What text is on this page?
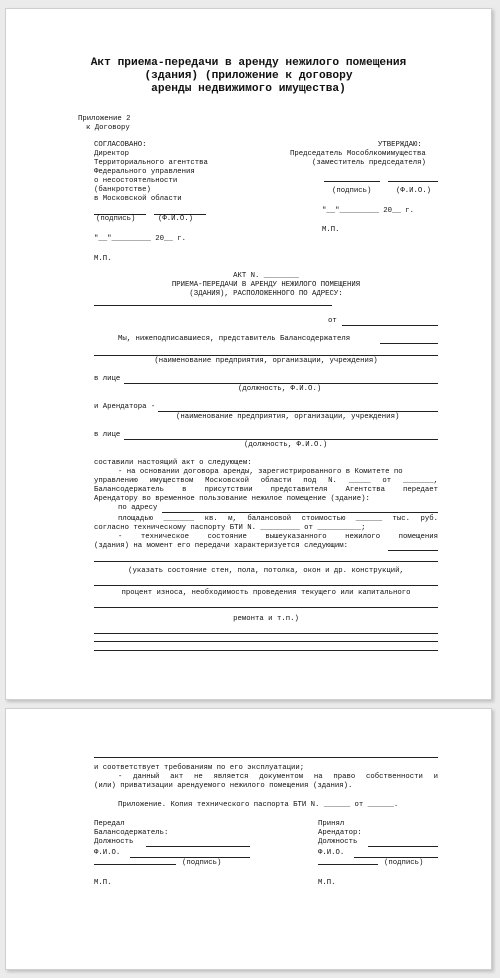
Акт приема-передачи в аренду нежилого помещения
(здания) (приложение к договору
аренды недвижимого имущества)
Приложение 2
к Договору
СОГЛАСОВАНО:
Директор
Территориального агентства
Федерального управления
о несостоятельности
(банкротстве)
в Московской области
(подпись)	(Ф.И.О.)
"__"_________ 20__ г.
М.П.
УТВЕРЖДАЮ:
Председатель Мособлкомимущества
(заместитель председателя)
(подпись)	(Ф.И.О.)
"__"_________ 20__ г.
М.П.
АКТ N. ________
ПРИЕМА-ПЕРЕДАЧИ В АРЕНДУ НЕЖИЛОГО ПОМЕЩЕНИЯ
(ЗДАНИЯ), РАСПОЛОЖЕННОГО ПО АДРЕСУ:
от
Мы, нижеподписавшиеся, представитель Балансодержателя
(наименование предприятия, организации, учреждения)
в лице
(должность, Ф.И.О.)
и Арендатора -
(наименование предприятия, организации, учреждения)
в лице
(должность, Ф.И.О.)
составили настоящий акт о следующем:
- на основании договора аренды, зарегистрированного в Комитете по
управлению имуществом Московской области под N. _____ от _______,
Балансодержатель в присутствии представителя Агентства передает
Арендатору во временное пользование нежилое помещение (здание):
по адресу
площадью _______ кв. м, балансовой стоимостью ______ тыс. руб.
согласно техническому паспорту БТИ N. _________ от __________;
- техническое состояние вышеуказанного нежилого помещения
(здания) на момент его передачи характеризуется следующим:
(указать состояние стен, пола, потолка, окон и др. конструкций,
процент износа, необходимость проведения текущего или капитального
ремонта и т.п.)
и соответствует требованиям по его эксплуатации;
- данный акт не является документом на право собственности и
(или) приватизации арендуемого нежилого помещения (здания).
Приложение. Копия технического паспорта БТИ N. ______ от ______.
Передал
Балансодержатель:
Должность
Ф.И.О.
(подпись)
М.П.
Принял
Арендатор:
Должность
Ф.И.О.
(подпись)
М.П.
